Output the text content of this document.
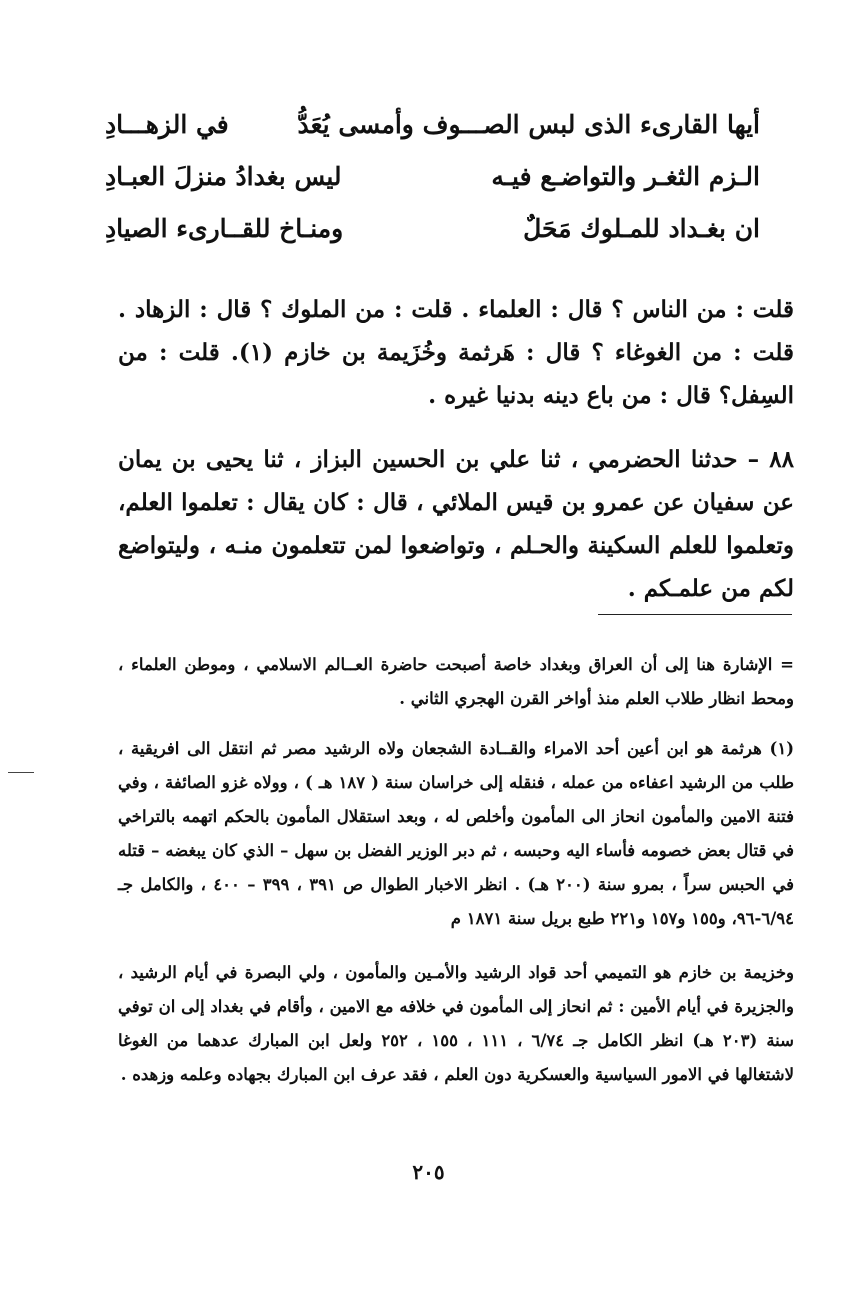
أيها القارىء الذى لبس الصـــوف وأمسى يُعَدُّ
في الزهـــادِ
الـزم الثغـر والتواضـع فيـه
ليس بغدادُ منزلَ العبـادِ
ان بغـداد للمـلوك مَحَلٌ
ومنـاخ للقــارىء الصيادِ

قلت : من الناس ؟ قال : العلماء . قلت : من الملوك ؟ قال : الزهاد . قلت : من الغوغاء ؟ قال : هَرثمة وخُزَيمة بن خازم (١). قلت : من السِفل؟ قال : من باع دينه بدنيا غيره .

٨٨ – حدثنا الحضرمي ، ثنا علي بن الحسين البزاز ، ثنا يحيى بن يمان عن سفيان عن عمرو بن قيس الملائي ، قال : كان يقال : تعلموا العلم، وتعلموا للعلم السكينة والحـلم ، وتواضعوا لمن تتعلمون منـه ، وليتواضع لكم من علمـكم .

= الإشارة هنا إلى أن العراق وبغداد خاصة أصبحت حاضرة العــالم الاسلامي ، وموطن العلماء ، ومحط انظار طلاب العلم منذ أواخر القرن الهجري الثاني .

(١) هرثمة هو ابن أعين أحد الامراء والقــادة الشجعان ولاه الرشيد مصر ثم انتقل الى افريقية ، طلب من الرشيد اعفاءه من عمله ، فنقله إلى خراسان سنة ( ١٨٧ هـ ) ، وولاه غزو الصائفة ، وفي فتنة الامين والمأمون انحاز الى المأمون وأخلص له ، وبعد استقلال المأمون بالحكم اتهمه بالتراخي في قتال بعض خصومه فأساء اليه وحبسه ، ثم دبر الوزير الفضل بن سهل – الذي كان يبغضه – قتله في الحبس سراً ، بمرو سنة (٢٠٠ هـ) . انظر الاخبار الطوال ص ٣٩١ ، ٣٩٩ – ٤٠٠ ، والكامل جـ ٦/٩٤-٩٦، و١٥٥ و١٥٧ و٢٢١ طبع بريل سنة ١٨٧١ م

وخزيمة بن خازم هو التميمي أحد قواد الرشيد والأمـين والمأمون ، ولي البصرة في أيام الرشيد ، والجزيرة في أيام الأمين : ثم انحاز إلى المأمون في خلافه مع الامين ، وأقام في بغداد إلى ان توفي سنة (٢٠٣ هـ) انظر الكامل جـ ٦/٧٤ ، ١١١ ، ١٥٥ ، ٢٥٢ ولعل ابن المبارك عدهما من الغوغا لاشتغالها في الامور السياسية والعسكرية دون العلم ، فقد عرف ابن المبارك بجهاده وعلمه وزهده .

٢٠٥
